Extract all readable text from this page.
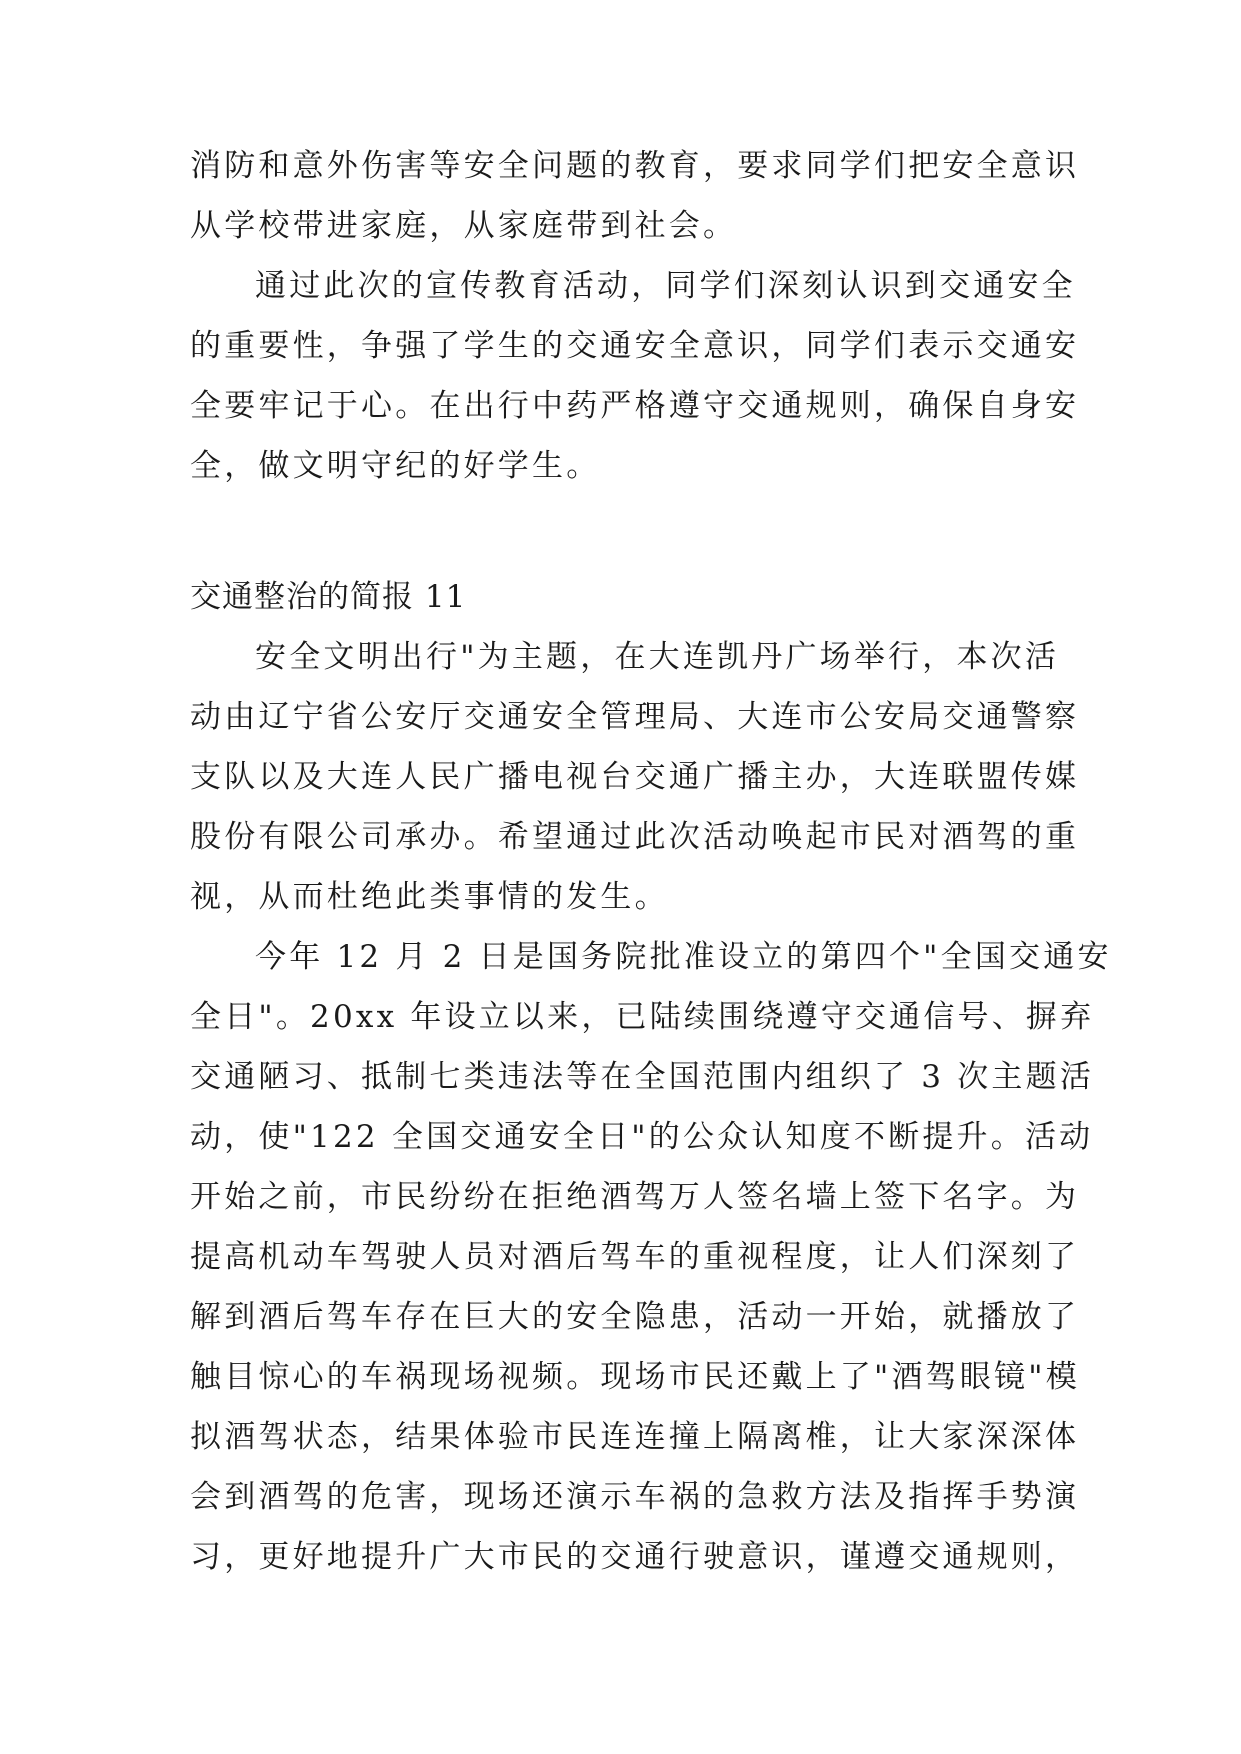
消防和意外伤害等安全问题的教育，要求同学们把安全意识
从学校带进家庭，从家庭带到社会。
通过此次的宣传教育活动，同学们深刻认识到交通安全
的重要性，争强了学生的交通安全意识，同学们表示交通安
全要牢记于心。在出行中药严格遵守交通规则，确保自身安
全，做文明守纪的好学生。
交通整治的简报 11
安全文明出行"为主题，在大连凯丹广场举行，本次活
动由辽宁省公安厅交通安全管理局、大连市公安局交通警察
支队以及大连人民广播电视台交通广播主办，大连联盟传媒
股份有限公司承办。希望通过此次活动唤起市民对酒驾的重
视，从而杜绝此类事情的发生。
今年 12 月 2 日是国务院批准设立的第四个"全国交通安
全日"。20xx 年设立以来，已陆续围绕遵守交通信号、摒弃
交通陋习、抵制七类违法等在全国范围内组织了 3 次主题活
动，使"122 全国交通安全日"的公众认知度不断提升。活动
开始之前，市民纷纷在拒绝酒驾万人签名墙上签下名字。为
提高机动车驾驶人员对酒后驾车的重视程度，让人们深刻了
解到酒后驾车存在巨大的安全隐患，活动一开始，就播放了
触目惊心的车祸现场视频。现场市民还戴上了"酒驾眼镜"模
拟酒驾状态，结果体验市民连连撞上隔离椎，让大家深深体
会到酒驾的危害，现场还演示车祸的急救方法及指挥手势演
习，更好地提升广大市民的交通行驶意识，谨遵交通规则，
